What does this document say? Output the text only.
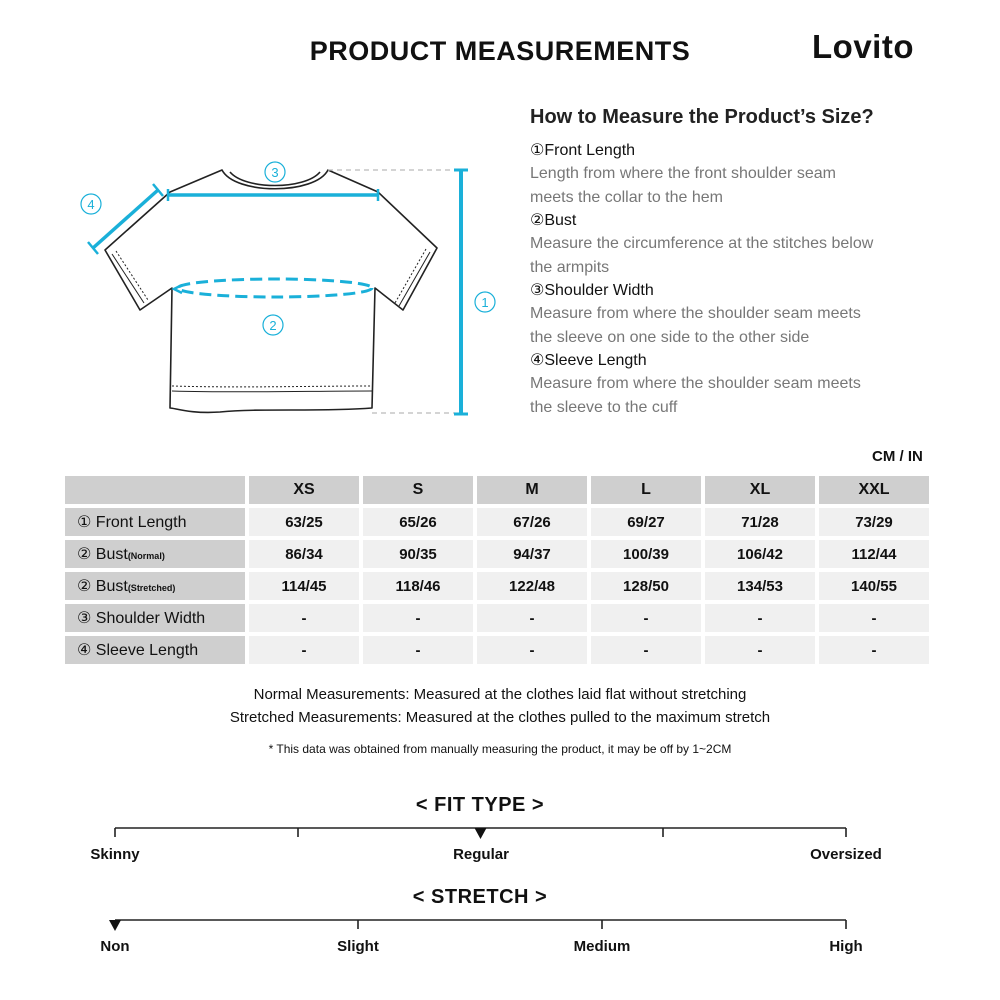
PRODUCT MEASUREMENTS	Lovito
3
4
1
2
How to Measure the Product’s Size?
①Front Length
Length from where the front shoulder seam
meets the collar to the hem
②Bust
Measure the circumference at the stitches below
the armpits
③Shoulder Width
Measure from where the shoulder seam meets
the sleeve on one side to the other side
④Sleeve Length
Measure from where the shoulder seam meets
the sleeve to the cuff
CM / IN
	XS	S	M	L	XL	XXL
① Front Length	63/25	65/26	67/26	69/27	71/28	73/29
② Bust(Normal)	86/34	90/35	94/37	100/39	106/42	112/44
② Bust(Stretched)	114/45	118/46	122/48	128/50	134/53	140/55
③ Shoulder Width	-	-	-	-	-	-
④ Sleeve Length	-	-	-	-	-	-
Normal Measurements: Measured at the clothes laid flat without stretching
Stretched Measurements: Measured at the clothes pulled to the maximum stretch
* This data was obtained from manually measuring the product, it may be off by 1~2CM
< FIT TYPE >
Skinny	Regular	Oversized
< STRETCH >
Non	Slight	Medium	High
